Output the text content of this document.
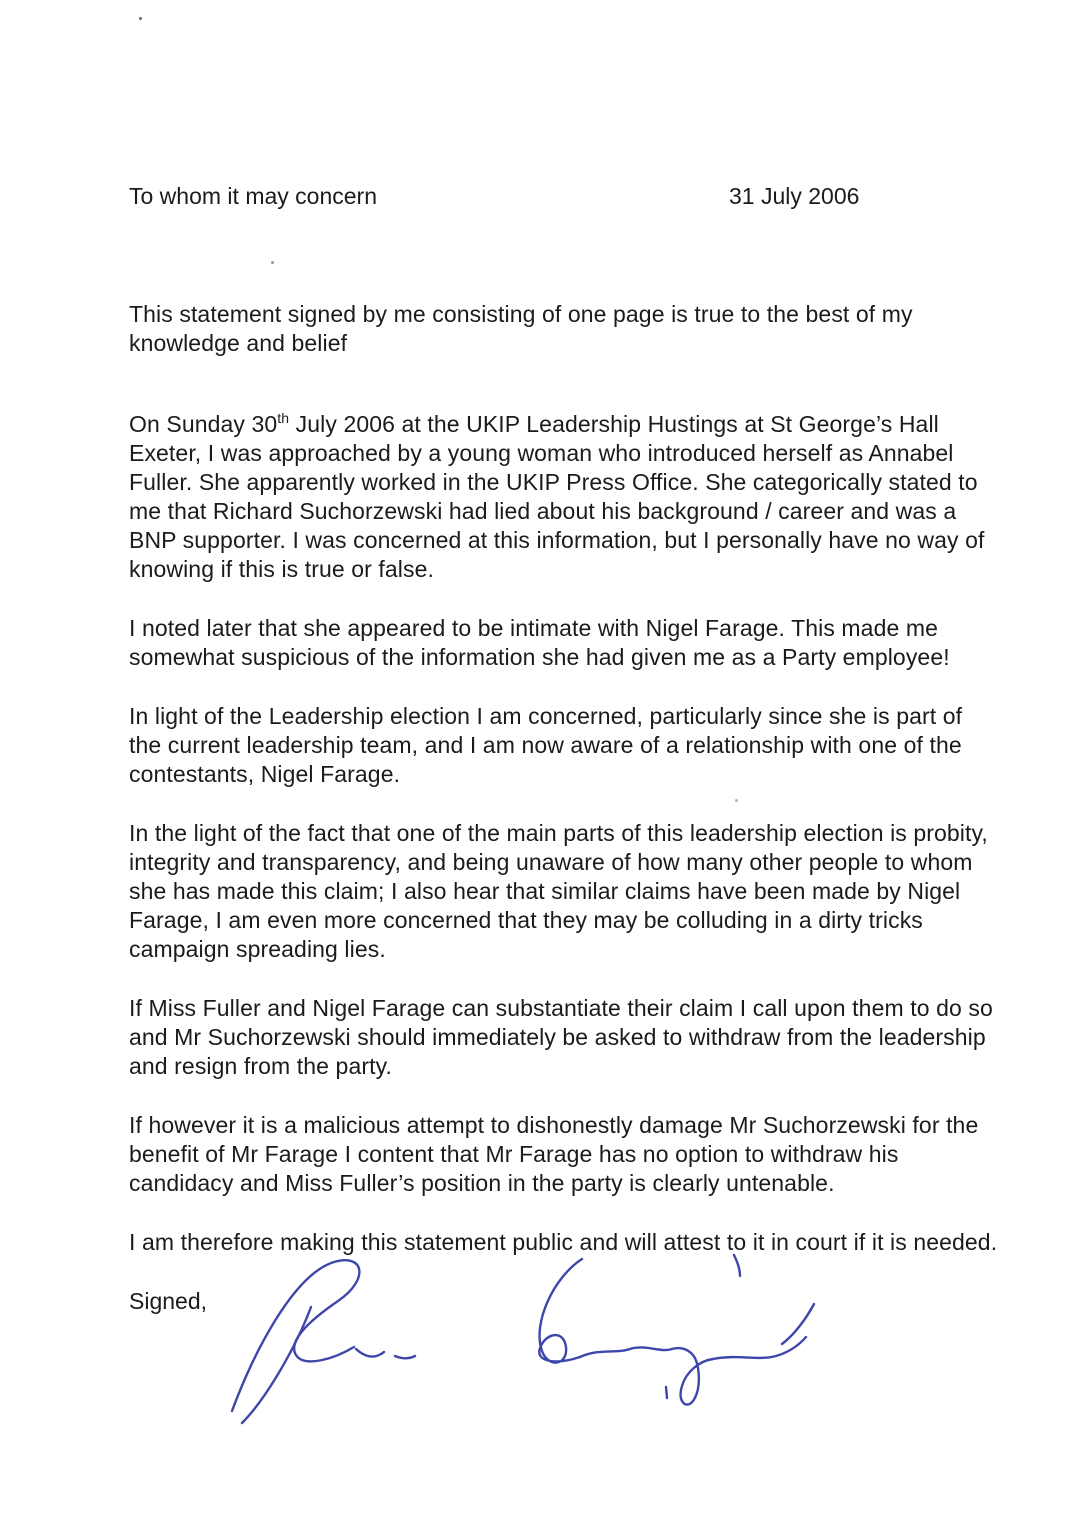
To whom it may concern	31 July 2006

This statement signed by me consisting of one page is true to the best of my knowledge and belief

On Sunday 30th July 2006 at the UKIP Leadership Hustings at St George’s Hall Exeter, I was approached by a young woman who introduced herself as Annabel Fuller. She apparently worked in the UKIP Press Office. She categorically stated to me that Richard Suchorzewski had lied about his background / career and was a BNP supporter. I was concerned at this information, but I personally have no way of knowing if this is true or false.

I noted later that she appeared to be intimate with Nigel Farage. This made me somewhat suspicious of the information she had given me as a Party employee!

In light of the Leadership election I am concerned, particularly since she is part of the current leadership team, and I am now aware of a relationship with one of the contestants, Nigel Farage.

In the light of the fact that one of the main parts of this leadership election is probity, integrity and transparency, and being unaware of how many other people to whom she has made this claim; I also hear that similar claims have been made by Nigel Farage, I am even more concerned that they may be colluding in a dirty tricks campaign spreading lies.

If Miss Fuller and Nigel Farage can substantiate their claim I call upon them to do so and Mr Suchorzewski should immediately be asked to withdraw from the leadership and resign from the party.

If however it is a malicious attempt to dishonestly damage Mr Suchorzewski for the benefit of Mr Farage I content that Mr Farage has no option to withdraw his candidacy and Miss Fuller’s position in the party is clearly untenable.

I am therefore making this statement public and will attest to it in court if it is needed.

Signed,
